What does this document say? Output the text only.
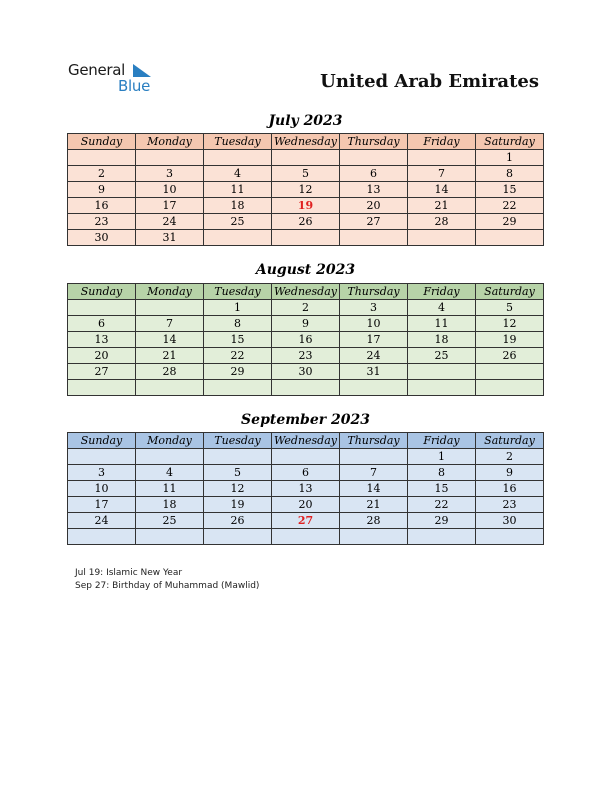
General
Blue	United Arab Emirates
July 2023
Sunday	Monday	Tuesday	Wednesday	Thursday	Friday	Saturday
						1
2	3	4	5	6	7	8
9	10	11	12	13	14	15
16	17	18	19	20	21	22
23	24	25	26	27	28	29
30	31					
August 2023
Sunday	Monday	Tuesday	Wednesday	Thursday	Friday	Saturday
		1	2	3	4	5
6	7	8	9	10	11	12
13	14	15	16	17	18	19
20	21	22	23	24	25	26
27	28	29	30	31		

September 2023
Sunday	Monday	Tuesday	Wednesday	Thursday	Friday	Saturday
					1	2
3	4	5	6	7	8	9
10	11	12	13	14	15	16
17	18	19	20	21	22	23
24	25	26	27	28	29	30

Jul 19: Islamic New Year
Sep 27: Birthday of Muhammad (Mawlid)
